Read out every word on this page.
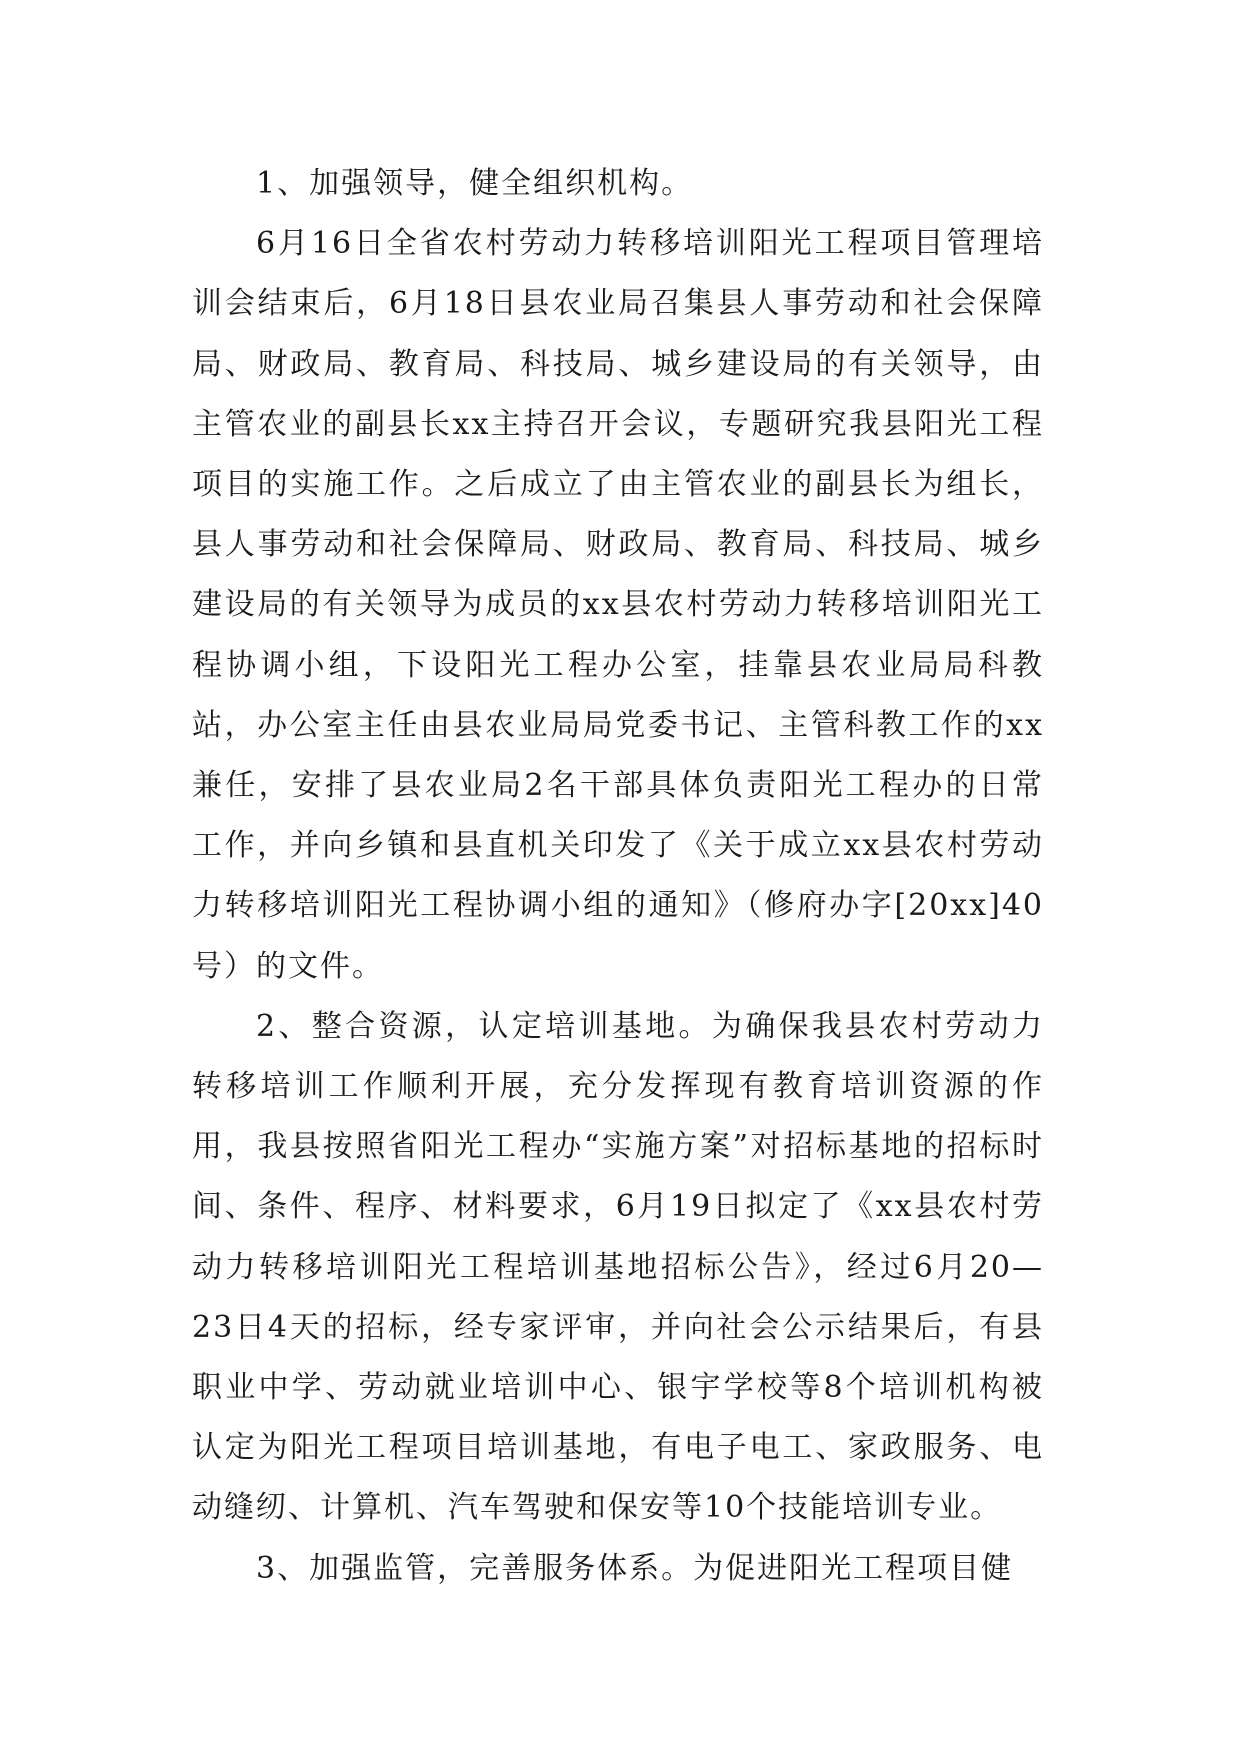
1、加强领导，健全组织机构。

6月16日全省农村劳动力转移培训阳光工程项目管理培训会结束后，6月18日县农业局召集县人事劳动和社会保障局、财政局、教育局、科技局、城乡建设局的有关领导，由主管农业的副县长xx主持召开会议，专题研究我县阳光工程项目的实施工作。之后成立了由主管农业的副县长为组长，县人事劳动和社会保障局、财政局、教育局、科技局、城乡建设局的有关领导为成员的xx县农村劳动力转移培训阳光工程协调小组，下设阳光工程办公室，挂靠县农业局局科教站，办公室主任由县农业局局党委书记、主管科教工作的xx兼任，安排了县农业局2名干部具体负责阳光工程办的日常工作，并向乡镇和县直机关印发了《关于成立xx县农村劳动力转移培训阳光工程协调小组的通知》（修府办字[20xx]40号）的文件。

2、整合资源，认定培训基地。为确保我县农村劳动力转移培训工作顺利开展，充分发挥现有教育培训资源的作用，我县按照省阳光工程办“实施方案”对招标基地的招标时间、条件、程序、材料要求，6月19日拟定了《xx县农村劳动力转移培训阳光工程培训基地招标公告》，经过6月20—23日4天的招标，经专家评审，并向社会公示结果后，有县职业中学、劳动就业培训中心、银宇学校等8个培训机构被认定为阳光工程项目培训基地，有电子电工、家政服务、电动缝纫、计算机、汽车驾驶和保安等10个技能培训专业。

3、加强监管，完善服务体系。为促进阳光工程项目健
